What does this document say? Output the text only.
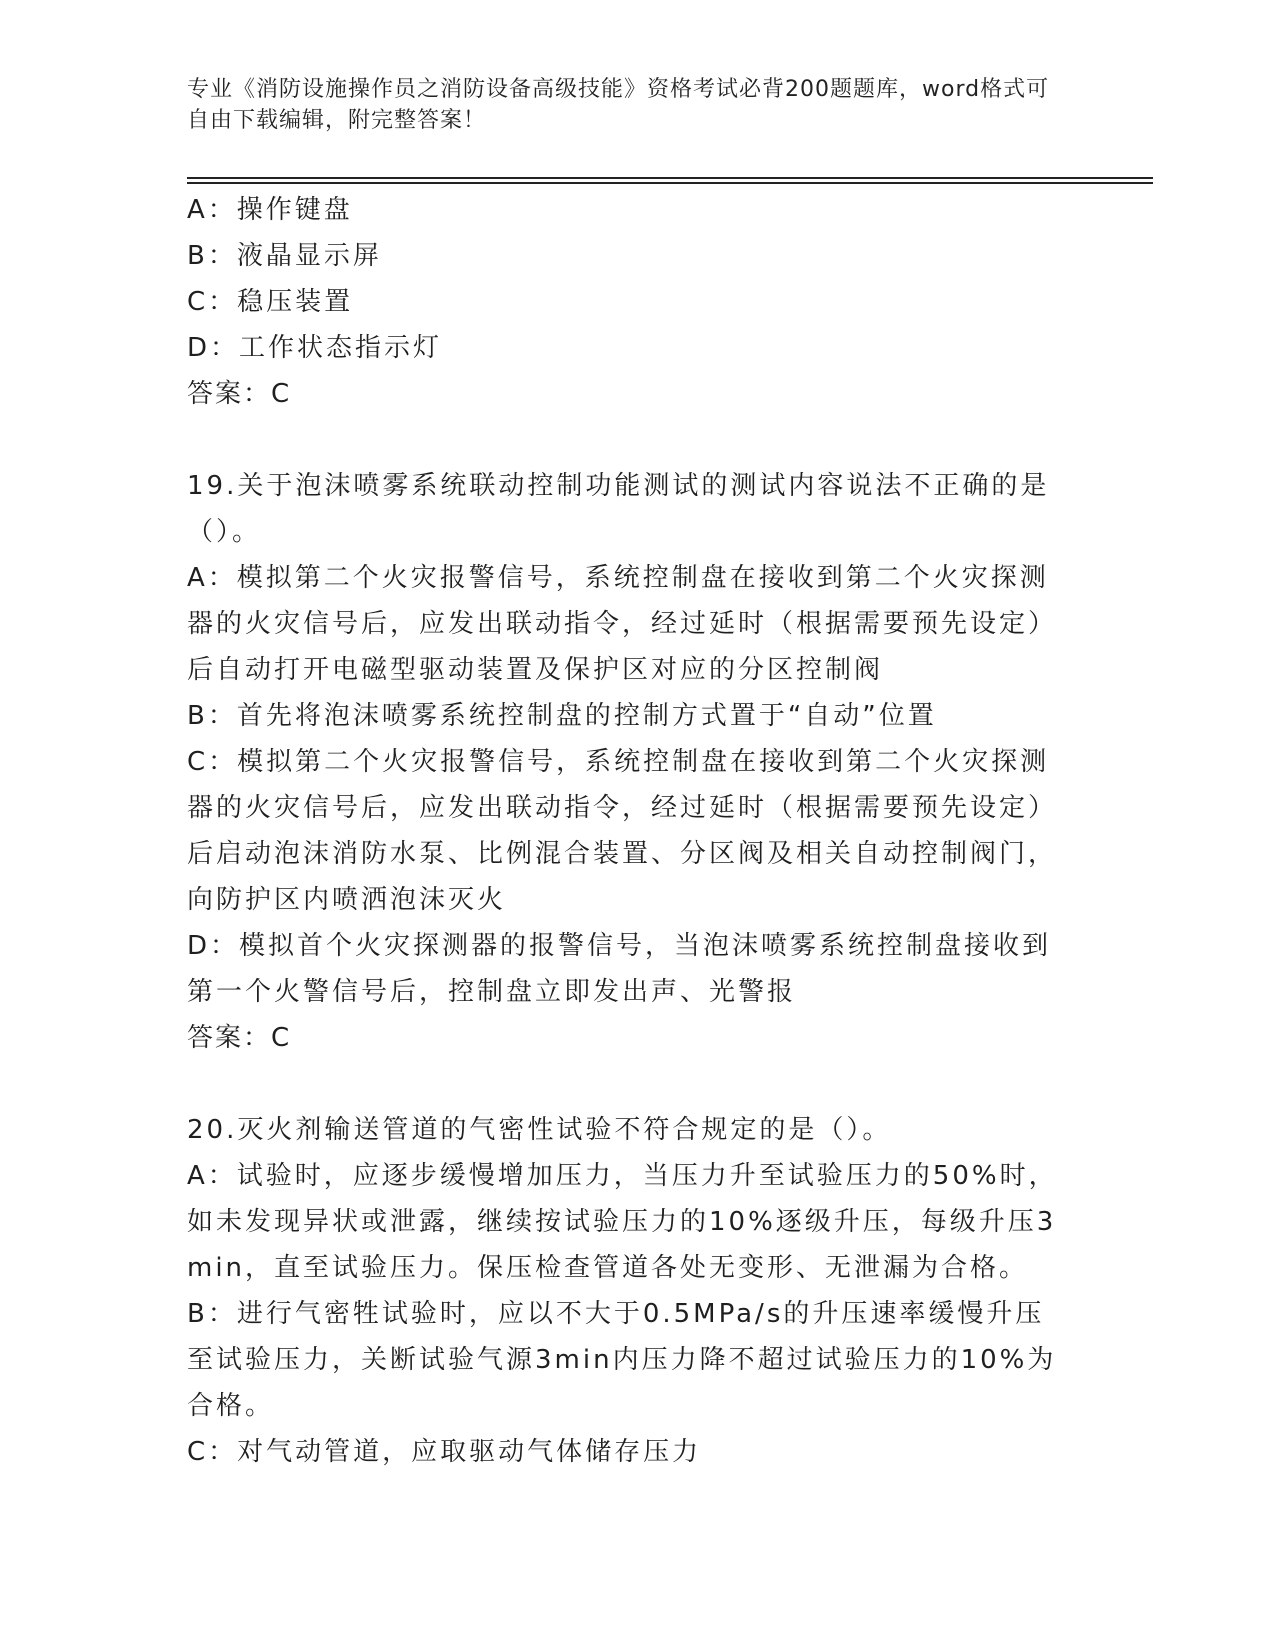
专业《消防设施操作员之消防设备高级技能》资格考试必背200题题库，word格式可自由下载编辑，附完整答案！

A：操作键盘

B：液晶显示屏

C：稳压装置

D：工作状态指示灯

答案：C

19.关于泡沫喷雾系统联动控制功能测试的测试内容说法不正确的是（）。

A：模拟第二个火灾报警信号，系统控制盘在接收到第二个火灾探测器的火灾信号后，应发出联动指令，经过延时（根据需要预先设定）后自动打开电磁型驱动装置及保护区对应的分区控制阀

B：首先将泡沫喷雾系统控制盘的控制方式置于“自动”位置

C：模拟第二个火灾报警信号，系统控制盘在接收到第二个火灾探测器的火灾信号后，应发出联动指令，经过延时（根据需要预先设定）后启动泡沫消防水泵、比例混合装置、分区阀及相关自动控制阀门，向防护区内喷洒泡沫灭火

D：模拟首个火灾探测器的报警信号，当泡沫喷雾系统控制盘接收到第一个火警信号后，控制盘立即发出声、光警报

答案：C

20.灭火剂输送管道的气密性试验不符合规定的是（）。

A：试验时，应逐步缓慢增加压力，当压力升至试验压力的50%时，如未发现异状或泄露，继续按试验压力的10%逐级升压，每级升压3min，直至试验压力。保压检查管道各处无变形、无泄漏为合格。

B：进行气密牲试验时，应以不大于0.5MPa/s的升压速率缓慢升压至试验压力，关断试验气源3min内压力降不超过试验压力的10%为合格。

C：对气动管道，应取驱动气体储存压力
